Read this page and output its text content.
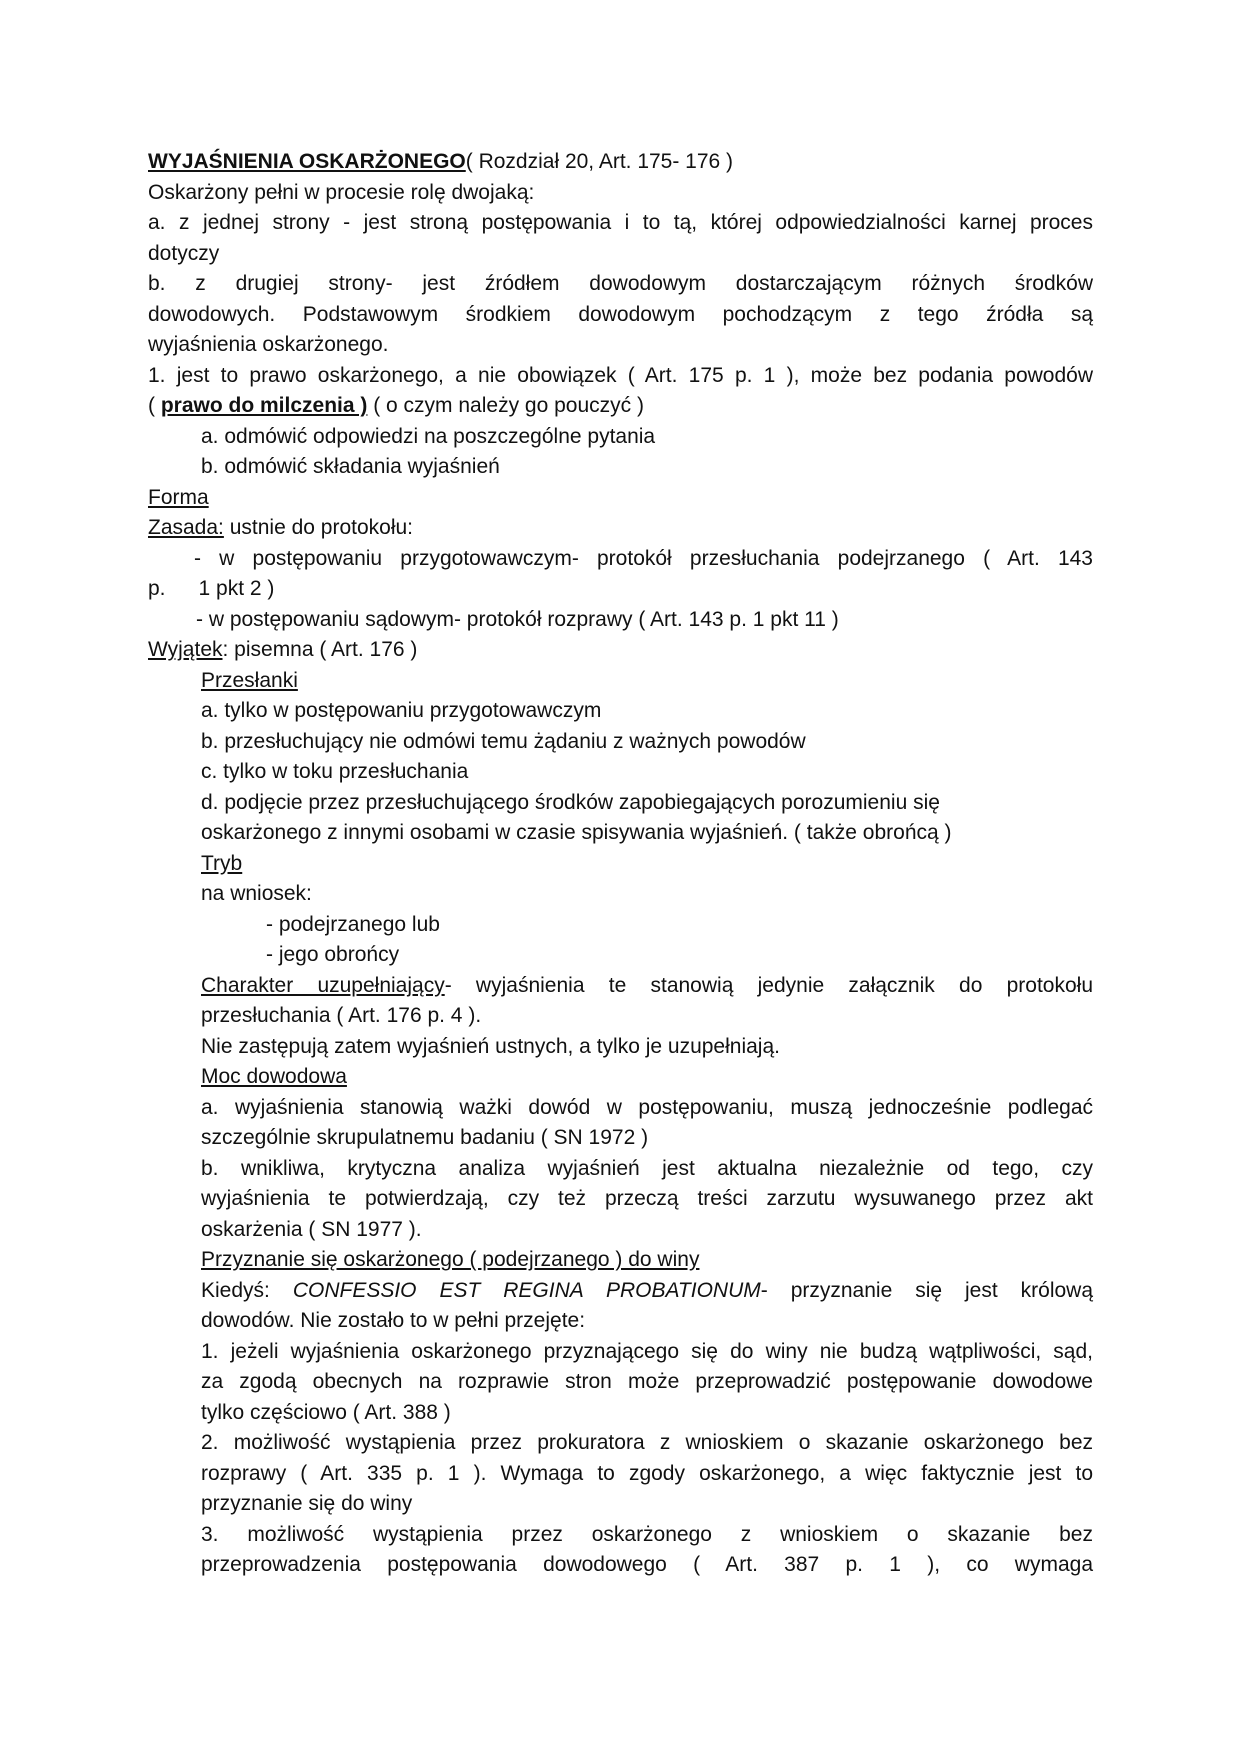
WYJAŚNIENIA OSKARŻONEGO( Rozdział 20, Art. 175- 176 )
Oskarżony pełni w procesie rolę dwojaką:
a. z jednej strony - jest stroną postępowania i to tą, której odpowiedzialności karnej proces
dotyczy
b. z drugiej strony- jest źródłem dowodowym dostarczającym różnych środków
dowodowych. Podstawowym środkiem dowodowym pochodzącym z tego źródła są
wyjaśnienia oskarżonego.
1. jest to prawo oskarżonego, a nie obowiązek ( Art. 175 p. 1 ), może bez podania powodów
( prawo do milczenia ) ( o czym należy go pouczyć )
a. odmówić odpowiedzi na poszczególne pytania
b. odmówić składania wyjaśnień
Forma
Zasada: ustnie do protokołu:
- w postępowaniu przygotowawczym- protokół przesłuchania podejrzanego ( Art. 143
p. 1 pkt 2 )
- w postępowaniu sądowym- protokół rozprawy ( Art. 143 p. 1 pkt 11 )
Wyjątek: pisemna ( Art. 176 )
Przesłanki
a. tylko w postępowaniu przygotowawczym
b. przesłuchujący nie odmówi temu żądaniu z ważnych powodów
c. tylko w toku przesłuchania
d. podjęcie przez przesłuchującego środków zapobiegających porozumieniu się
oskarżonego z innymi osobami w czasie spisywania wyjaśnień. ( także obrońcą )
Tryb
na wniosek:
- podejrzanego lub
- jego obrońcy
Charakter uzupełniający- wyjaśnienia te stanowią jedynie załącznik do protokołu
przesłuchania ( Art. 176 p. 4 ).
Nie zastępują zatem wyjaśnień ustnych, a tylko je uzupełniają.
Moc dowodowa
a. wyjaśnienia stanowią ważki dowód w postępowaniu, muszą jednocześnie podlegać
szczególnie skrupulatnemu badaniu ( SN 1972 )
b. wnikliwa, krytyczna analiza wyjaśnień jest aktualna niezależnie od tego, czy
wyjaśnienia te potwierdzają, czy też przeczą treści zarzutu wysuwanego przez akt
oskarżenia ( SN 1977 ).
Przyznanie się oskarżonego ( podejrzanego ) do winy
Kiedyś: CONFESSIO EST REGINA PROBATIONUM- przyznanie się jest królową
dowodów. Nie zostało to w pełni przejęte:
1. jeżeli wyjaśnienia oskarżonego przyznającego się do winy nie budzą wątpliwości, sąd,
za zgodą obecnych na rozprawie stron może przeprowadzić postępowanie dowodowe
tylko częściowo ( Art. 388 )
2. możliwość wystąpienia przez prokuratora z wnioskiem o skazanie oskarżonego bez
rozprawy ( Art. 335 p. 1 ). Wymaga to zgody oskarżonego, a więc faktycznie jest to
przyznanie się do winy
3. możliwość wystąpienia przez oskarżonego z wnioskiem o skazanie bez
przeprowadzenia postępowania dowodowego ( Art. 387 p. 1 ), co wymaga
